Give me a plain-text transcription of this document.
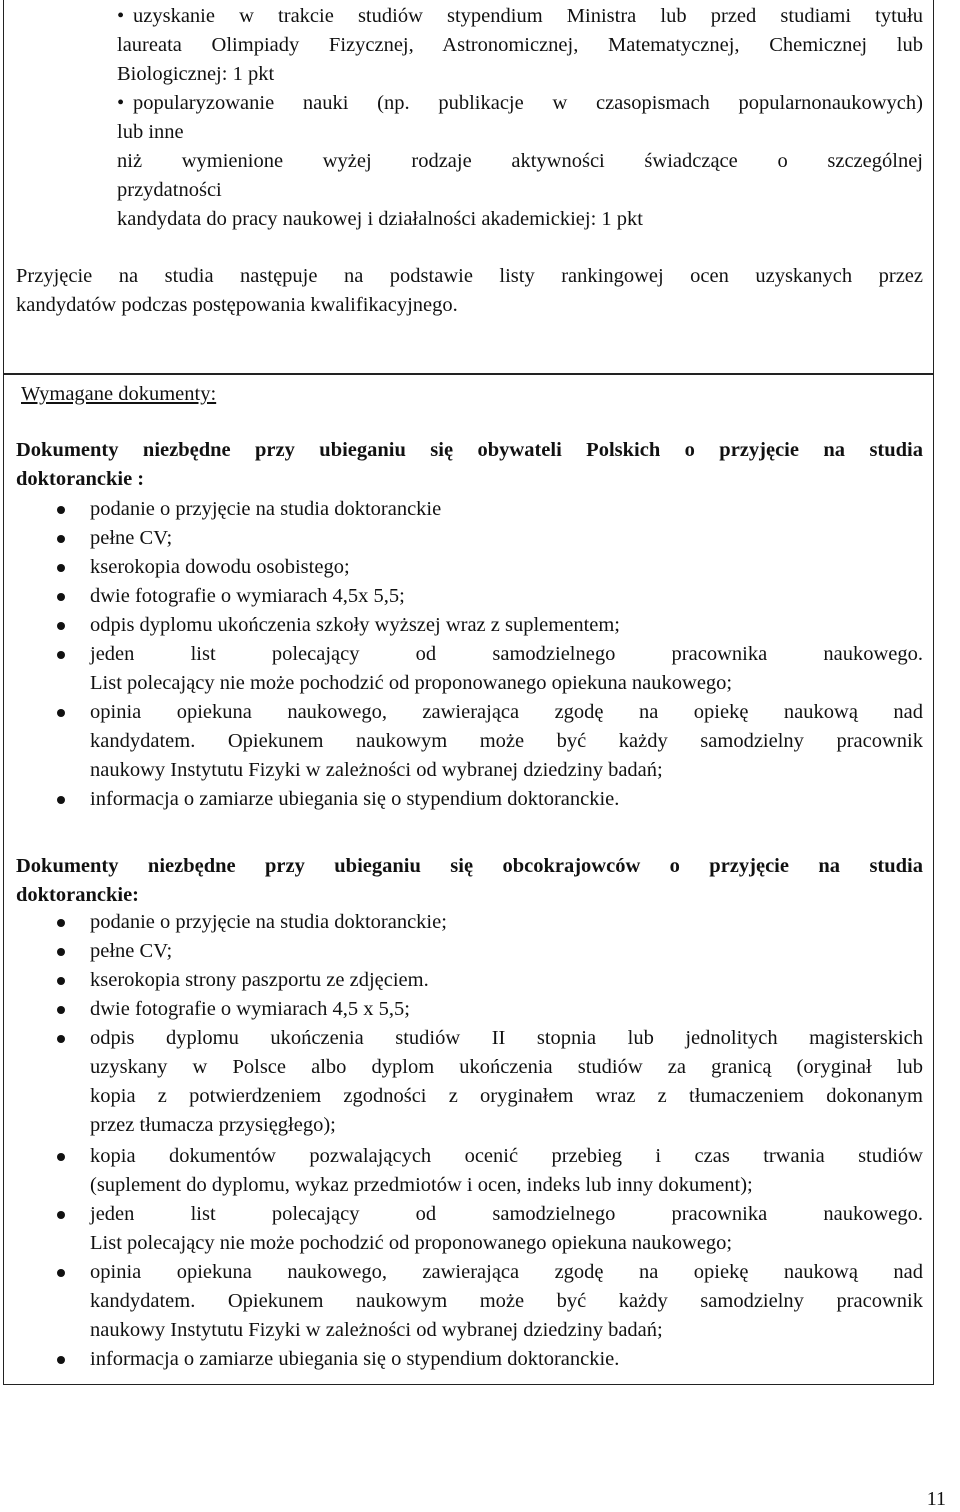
• uzyskanie w trakcie studiów stypendium Ministra lub przed studiami tytułu
laureata Olimpiady Fizycznej, Astronomicznej, Matematycznej, Chemicznej lub
Biologicznej: 1 pkt
• popularyzowanie nauki (np. publikacje w czasopismach popularnonaukowych)
lub inne
niż wymienione wyżej rodzaje aktywności świadczące o szczególnej
przydatności
kandydata do pracy naukowej i działalności akademickiej: 1 pkt
Przyjęcie na studia następuje na podstawie listy rankingowej ocen uzyskanych przez
kandydatów podczas postępowania kwalifikacyjnego.
Wymagane dokumenty:
Dokumenty niezbędne przy ubieganiu się obywateli Polskich o przyjęcie na studia
doktoranckie :
podanie o przyjęcie na studia doktoranckie
pełne CV;
kserokopia dowodu osobistego;
dwie fotografie o wymiarach 4,5x 5,5;
odpis dyplomu ukończenia szkoły wyższej wraz z suplementem;
jeden list polecający od samodzielnego pracownika naukowego.
List polecający nie może pochodzić od proponowanego opiekuna naukowego;
opinia opiekuna naukowego, zawierająca zgodę na opiekę naukową nad
kandydatem. Opiekunem naukowym może być każdy samodzielny pracownik
naukowy Instytutu Fizyki w zależności od wybranej dziedziny badań;
informacja o zamiarze ubiegania się o stypendium doktoranckie.
Dokumenty niezbędne przy ubieganiu się obcokrajowców o przyjęcie na studia
doktoranckie:
podanie o przyjęcie na studia doktoranckie;
pełne CV;
kserokopia strony paszportu ze zdjęciem.
dwie fotografie o wymiarach 4,5 x 5,5;
odpis dyplomu ukończenia studiów II stopnia lub jednolitych magisterskich
uzyskany w Polsce albo dyplom ukończenia studiów za granicą (oryginał lub
kopia z potwierdzeniem zgodności z oryginałem wraz z tłumaczeniem dokonanym
przez tłumacza przysięgłego);
kopia dokumentów pozwalających ocenić przebieg i czas trwania studiów
(suplement do dyplomu, wykaz przedmiotów i ocen, indeks lub inny dokument);
jeden list polecający od samodzielnego pracownika naukowego.
List polecający nie może pochodzić od proponowanego opiekuna naukowego;
opinia opiekuna naukowego, zawierająca zgodę na opiekę naukową nad
kandydatem. Opiekunem naukowym może być każdy samodzielny pracownik
naukowy Instytutu Fizyki w zależności od wybranej dziedziny badań;
informacja o zamiarze ubiegania się o stypendium doktoranckie.
11
